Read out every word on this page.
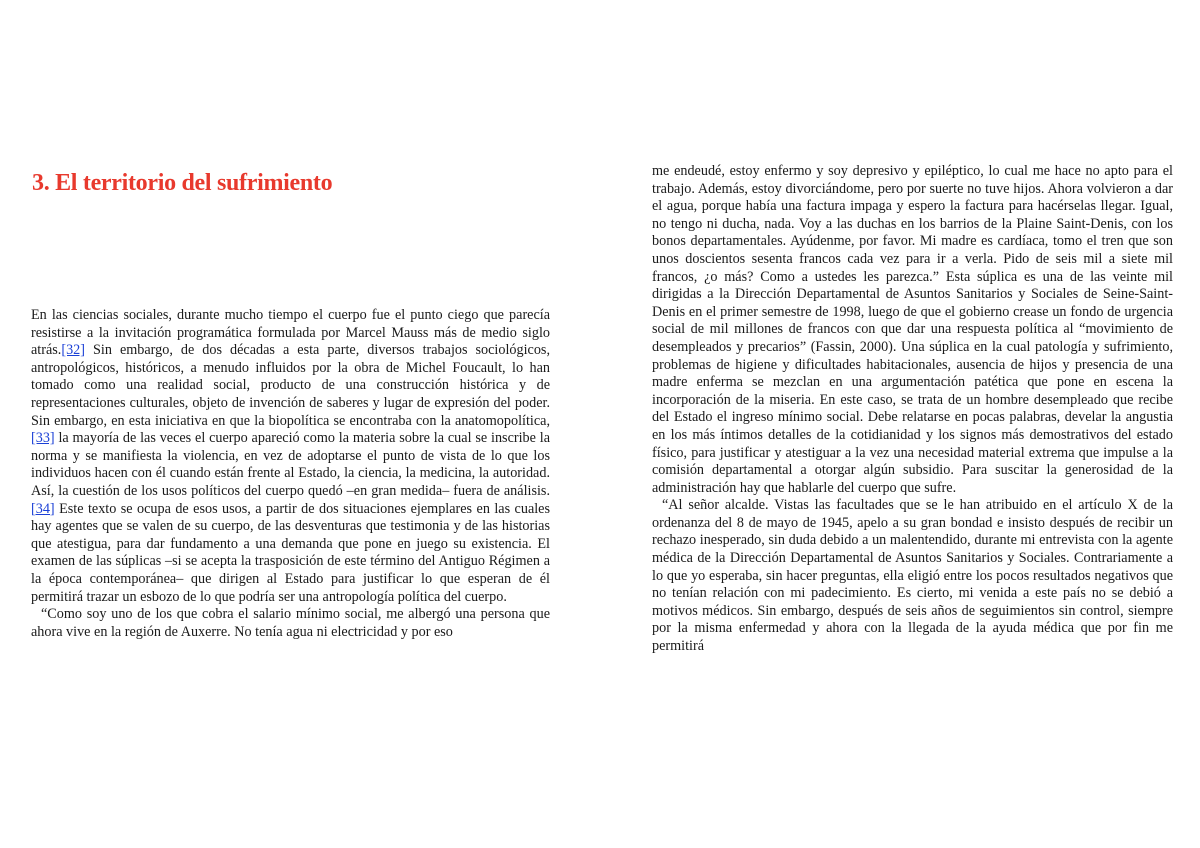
3. El territorio del sufrimiento

En las ciencias sociales, durante mucho tiempo el cuerpo fue el punto ciego que parecía resistirse a la invitación programática formulada por Marcel Mauss más de medio siglo atrás.[32] Sin embargo, de dos décadas a esta parte, diversos trabajos sociológicos, antropológicos, históricos, a menudo influidos por la obra de Michel Foucault, lo han tomado como una realidad social, producto de una construcción histórica y de representaciones culturales, objeto de invención de saberes y lugar de expresión del poder. Sin embargo, en esta iniciativa en que la biopolítica se encontraba con la anatomopolítica,[33] la mayoría de las veces el cuerpo apareció como la materia sobre la cual se inscribe la norma y se manifiesta la violencia, en vez de adoptarse el punto de vista de lo que los individuos hacen con él cuando están frente al Estado, la ciencia, la medicina, la autoridad. Así, la cuestión de los usos políticos del cuerpo quedó –en gran medida– fuera de análisis.[34] Este texto se ocupa de esos usos, a partir de dos situaciones ejemplares en las cuales hay agentes que se valen de su cuerpo, de las desventuras que testimonia y de las historias que atestigua, para dar fundamento a una demanda que pone en juego su existencia. El examen de las súplicas –si se acepta la trasposición de este término del Antiguo Régimen a la época contemporánea– que dirigen al Estado para justificar lo que esperan de él permitirá trazar un esbozo de lo que podría ser una antropología política del cuerpo.

“Como soy uno de los que cobra el salario mínimo social, me albergó una persona que ahora vive en la región de Auxerre. No tenía agua ni electricidad y por eso

me endeudé, estoy enfermo y soy depresivo y epiléptico, lo cual me hace no apto para el trabajo. Además, estoy divorciándome, pero por suerte no tuve hijos. Ahora volvieron a dar el agua, porque había una factura impaga y espero la factura para hacérselas llegar. Igual, no tengo ni ducha, nada. Voy a las duchas en los barrios de la Plaine Saint-Denis, con los bonos departamentales. Ayúdenme, por favor. Mi madre es cardíaca, tomo el tren que son unos doscientos sesenta francos cada vez para ir a verla. Pido de seis mil a siete mil francos, ¿o más? Como a ustedes les parezca.” Esta súplica es una de las veinte mil dirigidas a la Dirección Departamental de Asuntos Sanitarios y Sociales de Seine-Saint-Denis en el primer semestre de 1998, luego de que el gobierno crease un fondo de urgencia social de mil millones de francos con que dar una respuesta política al “movimiento de desempleados y precarios” (Fassin, 2000). Una súplica en la cual patología y sufrimiento, problemas de higiene y dificultades habitacionales, ausencia de hijos y presencia de una madre enferma se mezclan en una argumentación patética que pone en escena la incorporación de la miseria. En este caso, se trata de un hombre desempleado que recibe del Estado el ingreso mínimo social. Debe relatarse en pocas palabras, develar la angustia en los más íntimos detalles de la cotidianidad y los signos más demostrativos del estado físico, para justificar y atestiguar a la vez una necesidad material extrema que impulse a la comisión departamental a otorgar algún subsidio. Para suscitar la generosidad de la administración hay que hablarle del cuerpo que sufre.

“Al señor alcalde. Vistas las facultades que se le han atribuido en el artículo X de la ordenanza del 8 de mayo de 1945, apelo a su gran bondad e insisto después de recibir un rechazo inesperado, sin duda debido a un malentendido, durante mi entrevista con la agente médica de la Dirección Departamental de Asuntos Sanitarios y Sociales. Contrariamente a lo que yo esperaba, sin hacer preguntas, ella eligió entre los pocos resultados negativos que no tenían relación con mi padecimiento. Es cierto, mi venida a este país no se debió a motivos médicos. Sin embargo, después de seis años de seguimientos sin control, siempre por la misma enfermedad y ahora con la llegada de la ayuda médica que por fin me permitirá
